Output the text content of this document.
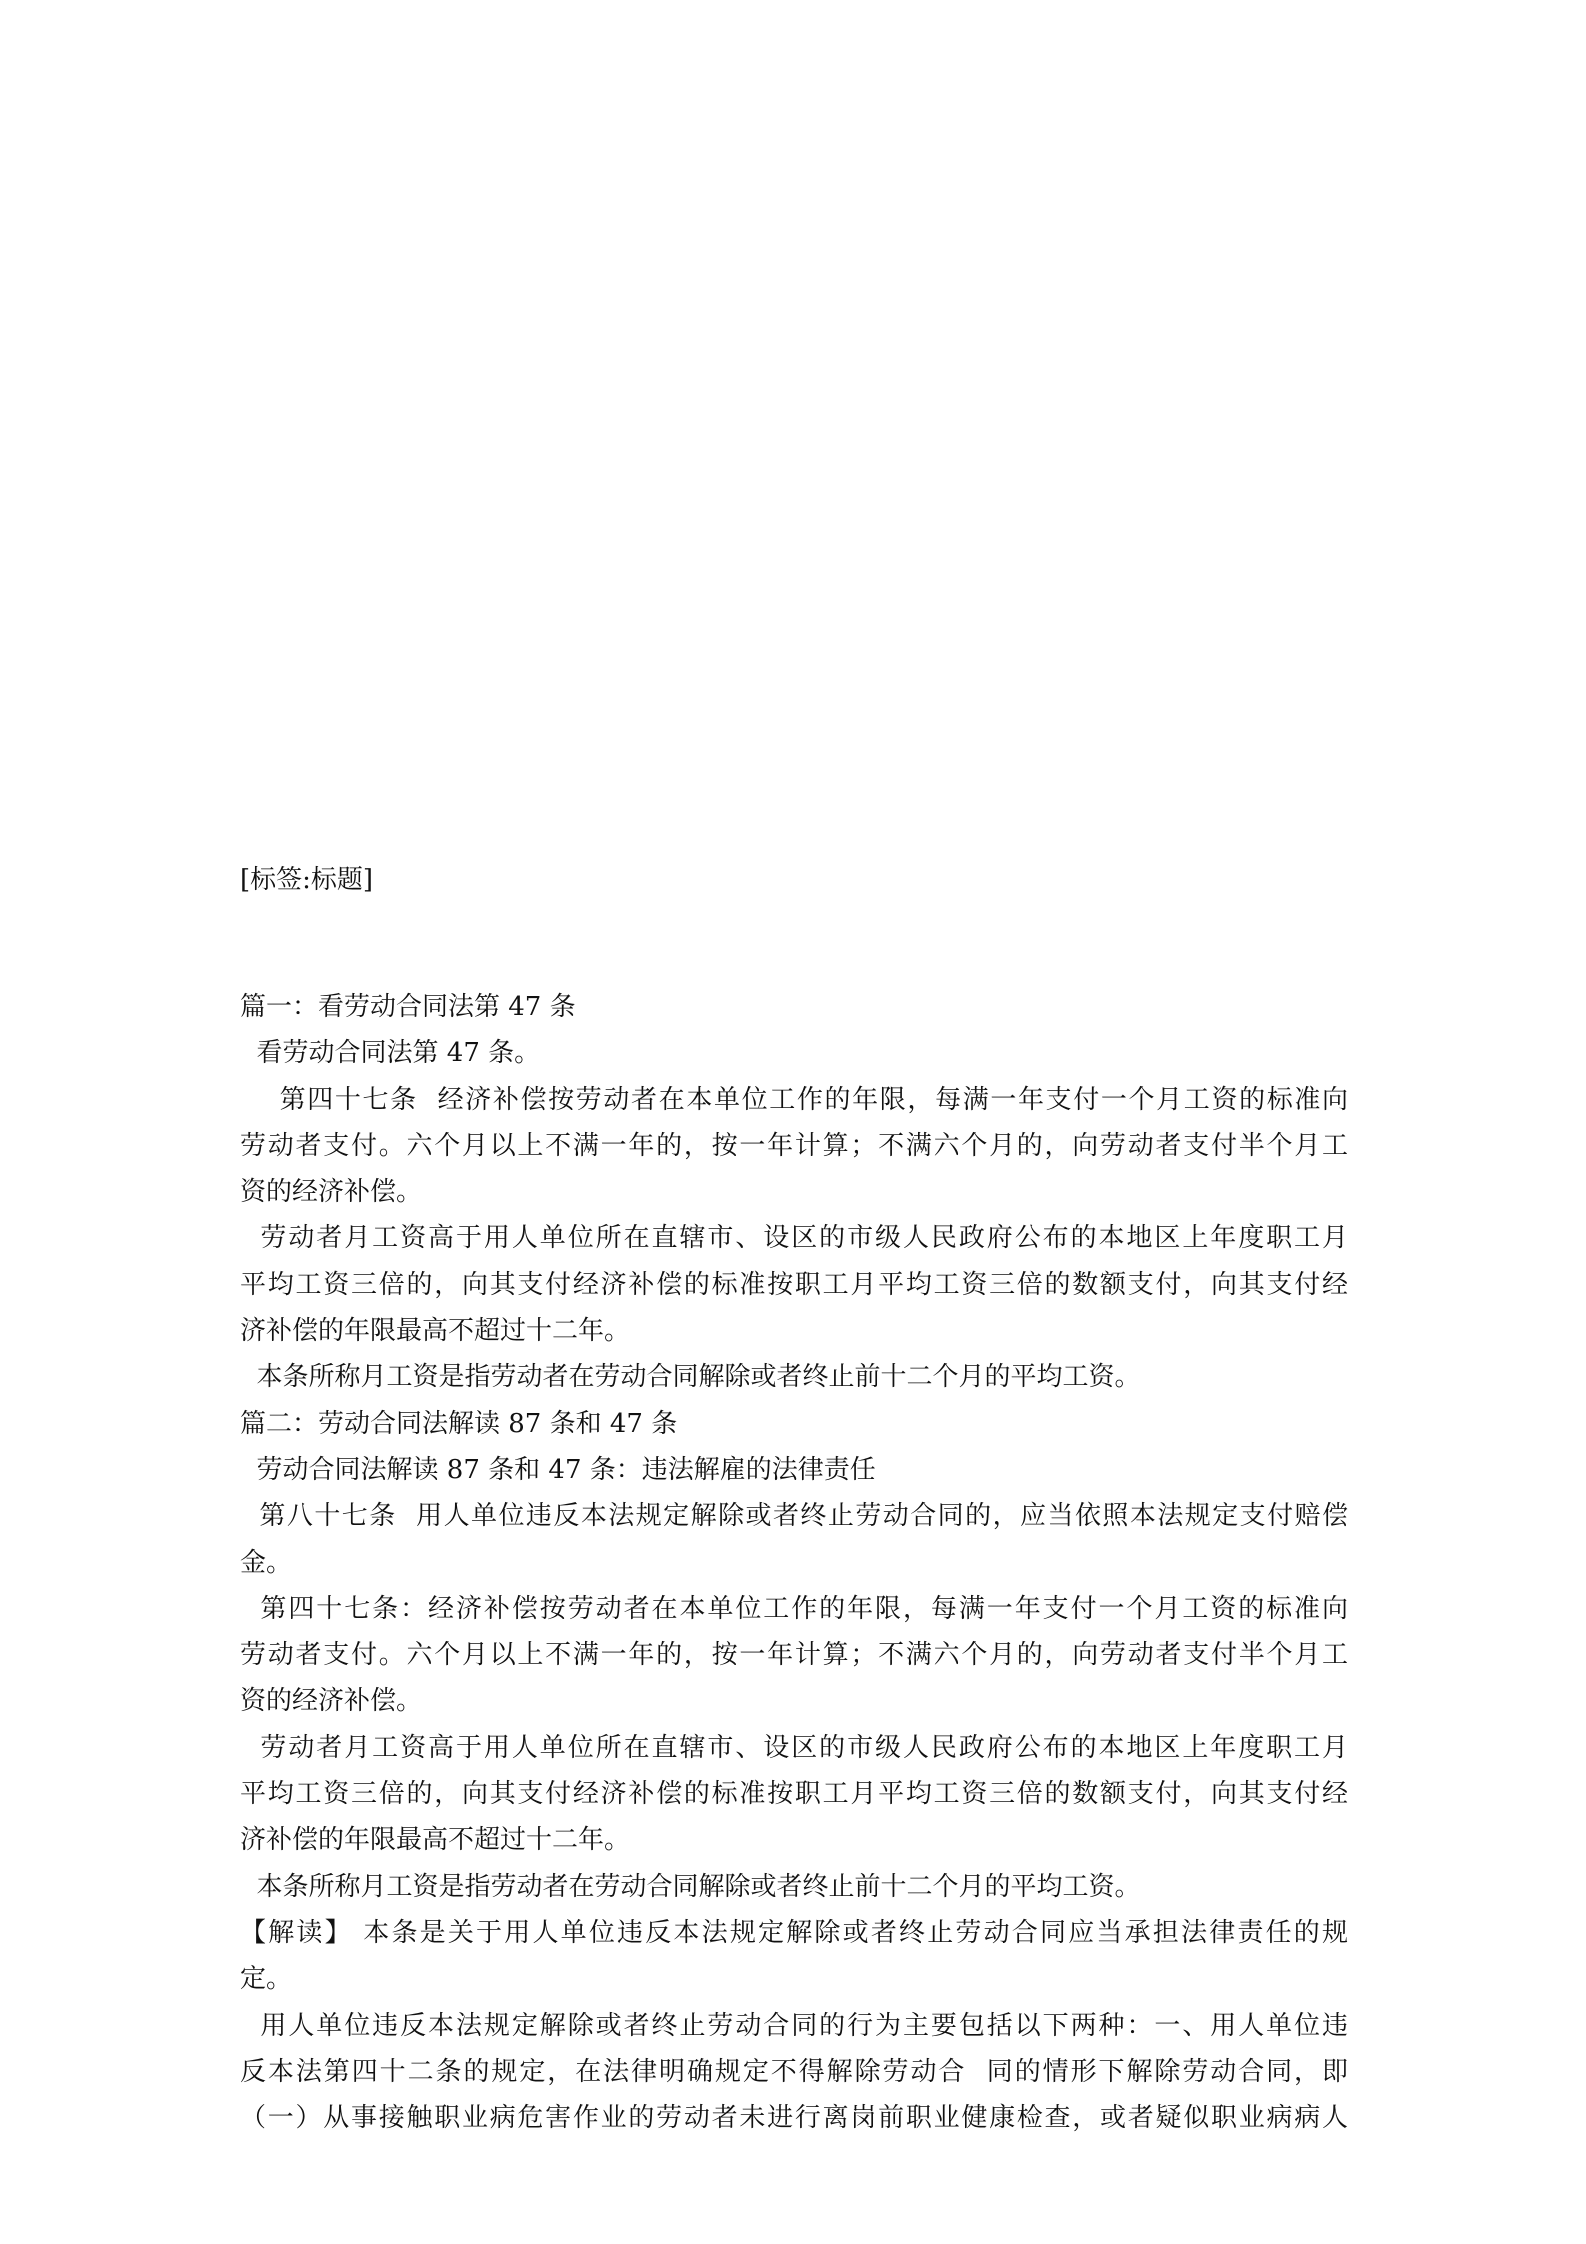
[标签:标题]
篇一：看劳动合同法第 47 条
看劳动合同法第 47 条。
第四十七条  经济补偿按劳动者在本单位工作的年限，每满一年支付一个月工资的标准向
劳动者支付。六个月以上不满一年的，按一年计算；不满六个月的，向劳动者支付半个月工
资的经济补偿。
劳动者月工资高于用人单位所在直辖市、设区的市级人民政府公布的本地区上年度职工月
平均工资三倍的，向其支付经济补偿的标准按职工月平均工资三倍的数额支付，向其支付经
济补偿的年限最高不超过十二年。
本条所称月工资是指劳动者在劳动合同解除或者终止前十二个月的平均工资。
篇二：劳动合同法解读 87 条和 47 条
劳动合同法解读 87 条和 47 条：违法解雇的法律责任
第八十七条  用人单位违反本法规定解除或者终止劳动合同的，应当依照本法规定支付赔偿
金。
第四十七条：经济补偿按劳动者在本单位工作的年限，每满一年支付一个月工资的标准向
劳动者支付。六个月以上不满一年的，按一年计算；不满六个月的，向劳动者支付半个月工
资的经济补偿。
劳动者月工资高于用人单位所在直辖市、设区的市级人民政府公布的本地区上年度职工月
平均工资三倍的，向其支付经济补偿的标准按职工月平均工资三倍的数额支付，向其支付经
济补偿的年限最高不超过十二年。
本条所称月工资是指劳动者在劳动合同解除或者终止前十二个月的平均工资。
【解读】 本条是关于用人单位违反本法规定解除或者终止劳动合同应当承担法律责任的规
定。
用人单位违反本法规定解除或者终止劳动合同的行为主要包括以下两种：一、用人单位违
反本法第四十二条的规定，在法律明确规定不得解除劳动合  同的情形下解除劳动合同，即
（一）从事接触职业病危害作业的劳动者未进行离岗前职业健康检查，或者疑似职业病病人
